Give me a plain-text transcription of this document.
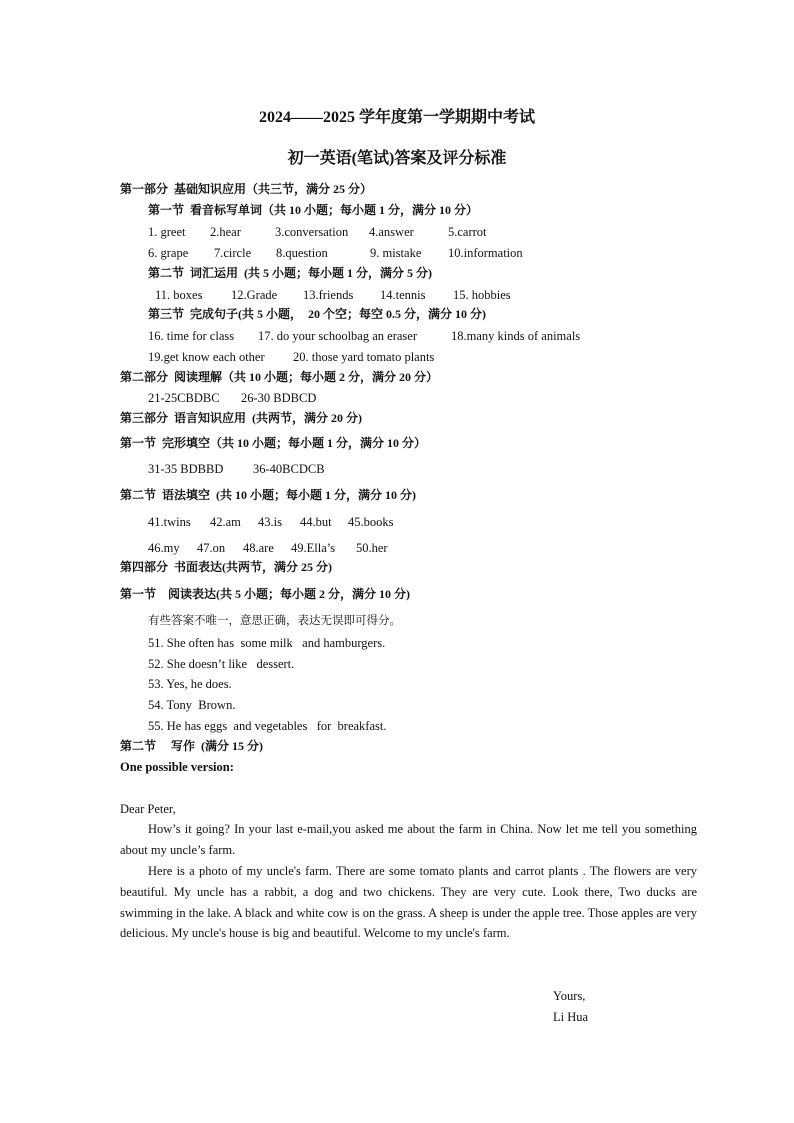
2024——2025 学年度第一学期期中考试
初一英语(笔试)答案及评分标准
第一部分  基础知识应用（共三节，满分 25 分）
第一节  看音标写单词（共 10 小题；每小题 1 分，满分 10 分）
1. greet 2.hear	3.conversation 4.answer	5.carrot
6. grape 7.circle 8.question	9. mistake 10.information
第二节  词汇运用  (共 5 小题；每小题 1 分，满分 5 分)
11. boxes 12.Grade 13.friends 14.tennis 15. hobbies
第三节  完成句子(共 5 小题，  20 个空；每空 0.5 分，满分 10 分)
16. time for class 17. do your schoolbag an eraser	18.many kinds of animals
19.get know each other 20. those yard tomato plants
第二部分  阅读理解（共 10 小题；每小题 2 分，满分 20 分）
21-25CBDBC 26-30 BDBCD
第三部分  语言知识应用  (共两节，满分 20 分)
第一节  完形填空（共 10 小题；每小题 1 分，满分 10 分）
31-35 BDBBD 36-40BCDCB
第二节  语法填空  (共 10 小题；每小题 1 分，满分 10 分)
41.twins 42.am 43.is 44.but 45.books
46.my 47.on 48.are 49.Ella’s 50.her
第四部分  书面表达(共两节，满分 25 分)
第一节    阅读表达(共 5 小题；每小题 2 分，满分 10 分)
有些答案不唯一，意思正确，表达无误即可得分。
51. She often has  some milk   and hamburgers.
52. She doesn’t like   dessert.
53. Yes, he does.
54. Tony  Brown.
55. He has eggs  and vegetables   for  breakfast.
第二节     写作  (满分 15 分)
One possible version:
Dear Peter,
How’s it going? In your last e-mail,you asked me about the farm in China. Now let me tell you something about my uncle’s farm.
Here is a photo of my uncle's farm. There are some tomato plants and carrot plants . The flowers are very beautiful. My uncle has a rabbit, a dog and two chickens. They are very cute. Look there, Two ducks are swimming in the lake. A black and white cow is on the grass. A sheep is under the apple tree. Those apples are very delicious. My uncle's house is big and beautiful. Welcome to my uncle's farm.
Yours,
Li Hua
